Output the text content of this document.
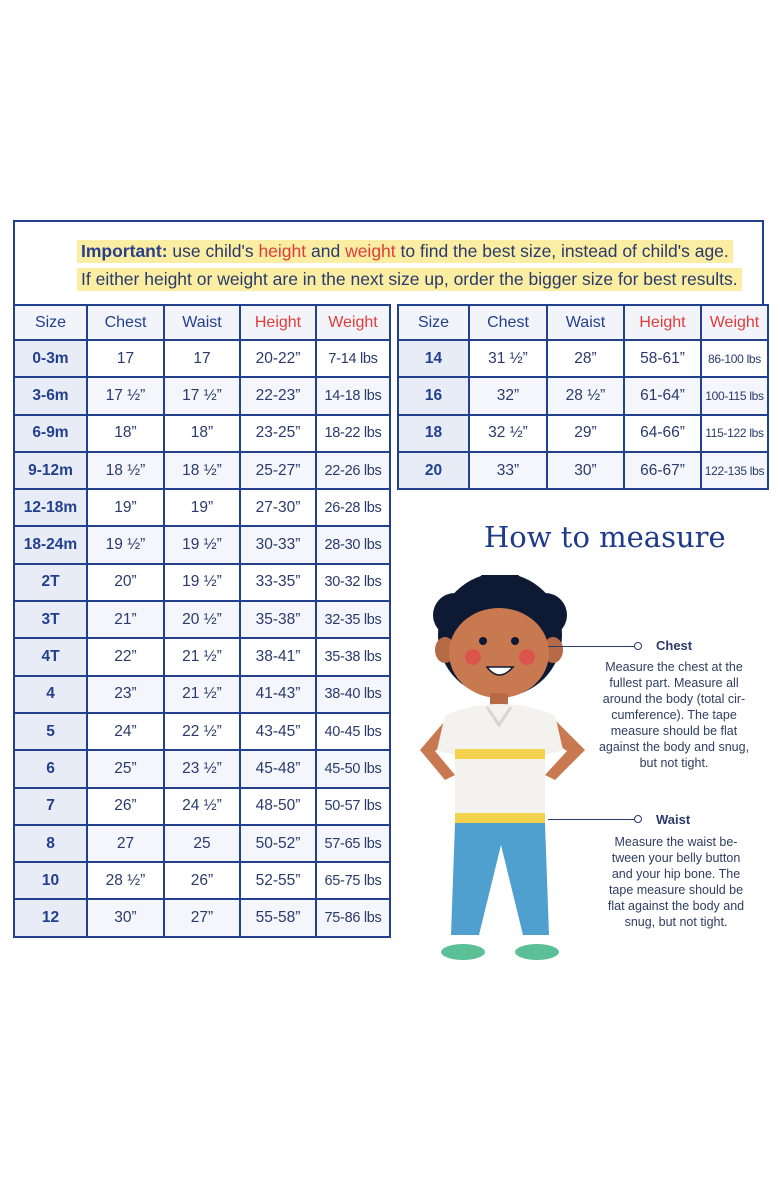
Important: use child's height and weight to find the best size, instead of child's age.
If either height or weight are in the next size up, order the bigger size for best results.
Size	Chest	Waist	Height	Weight
0-3m	17	17	20-22”	7-14 lbs
3-6m	17 ½”	17 ½”	22-23”	14-18 lbs
6-9m	18”	18”	23-25”	18-22 lbs
9-12m	18 ½”	18 ½”	25-27”	22-26 lbs
12-18m	19”	19”	27-30”	26-28 lbs
18-24m	19 ½”	19 ½”	30-33”	28-30 lbs
2T	20”	19 ½”	33-35”	30-32 lbs
3T	21”	20 ½”	35-38”	32-35 lbs
4T	22”	21 ½”	38-41”	35-38 lbs
4	23”	21 ½”	41-43”	38-40 lbs
5	24”	22 ½”	43-45”	40-45 lbs
6	25”	23 ½”	45-48”	45-50 lbs
7	26”	24 ½”	48-50”	50-57 lbs
8	27	25	50-52”	57-65 lbs
10	28 ½”	26”	52-55”	65-75 lbs
12	30”	27”	55-58”	75-86 lbs
Size	Chest	Waist	Height	Weight
14	31 ½”	28”	58-61”	86-100 lbs
16	32”	28 ½”	61-64”	100-115 lbs
18	32 ½”	29”	64-66”	115-122 lbs
20	33”	30”	66-67”	122-135 lbs
How to measure
Chest
Measure the chest at the fullest part. Measure all around the body (total cir-cumference). The tape measure should be flat against the body and snug, but not tight.
Waist
Measure the waist be-tween your belly button and your hip bone. The tape measure should be flat against the body and snug, but not tight.
